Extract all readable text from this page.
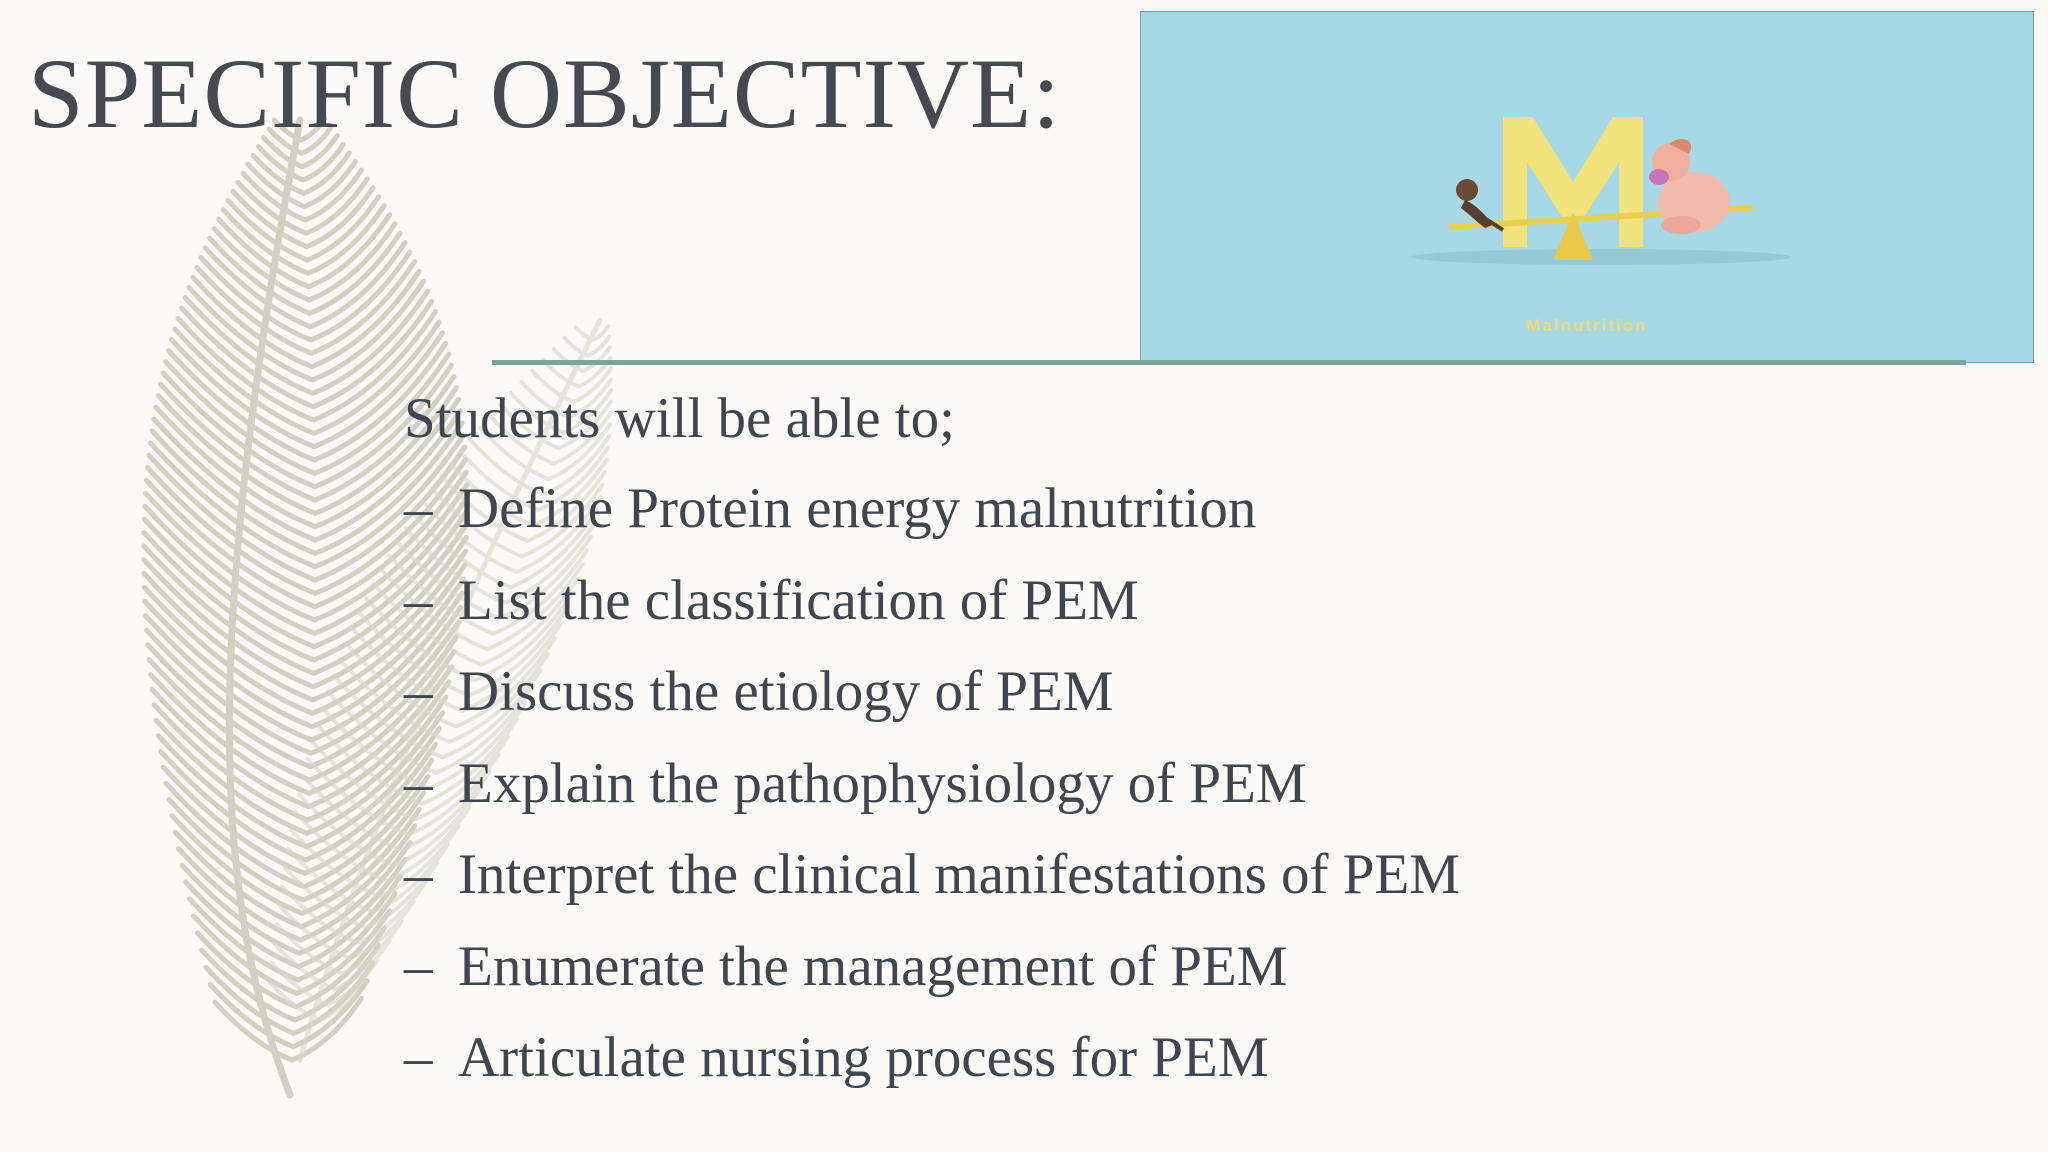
SPECIFIC OBJECTIVE:
Malnutrition
Students will be able to;
– Define Protein energy malnutrition
– List the classification of PEM
– Discuss the etiology of PEM
– Explain the pathophysiology of PEM
– Interpret the clinical manifestations of PEM
– Enumerate the management of PEM
– Articulate nursing process for PEM
